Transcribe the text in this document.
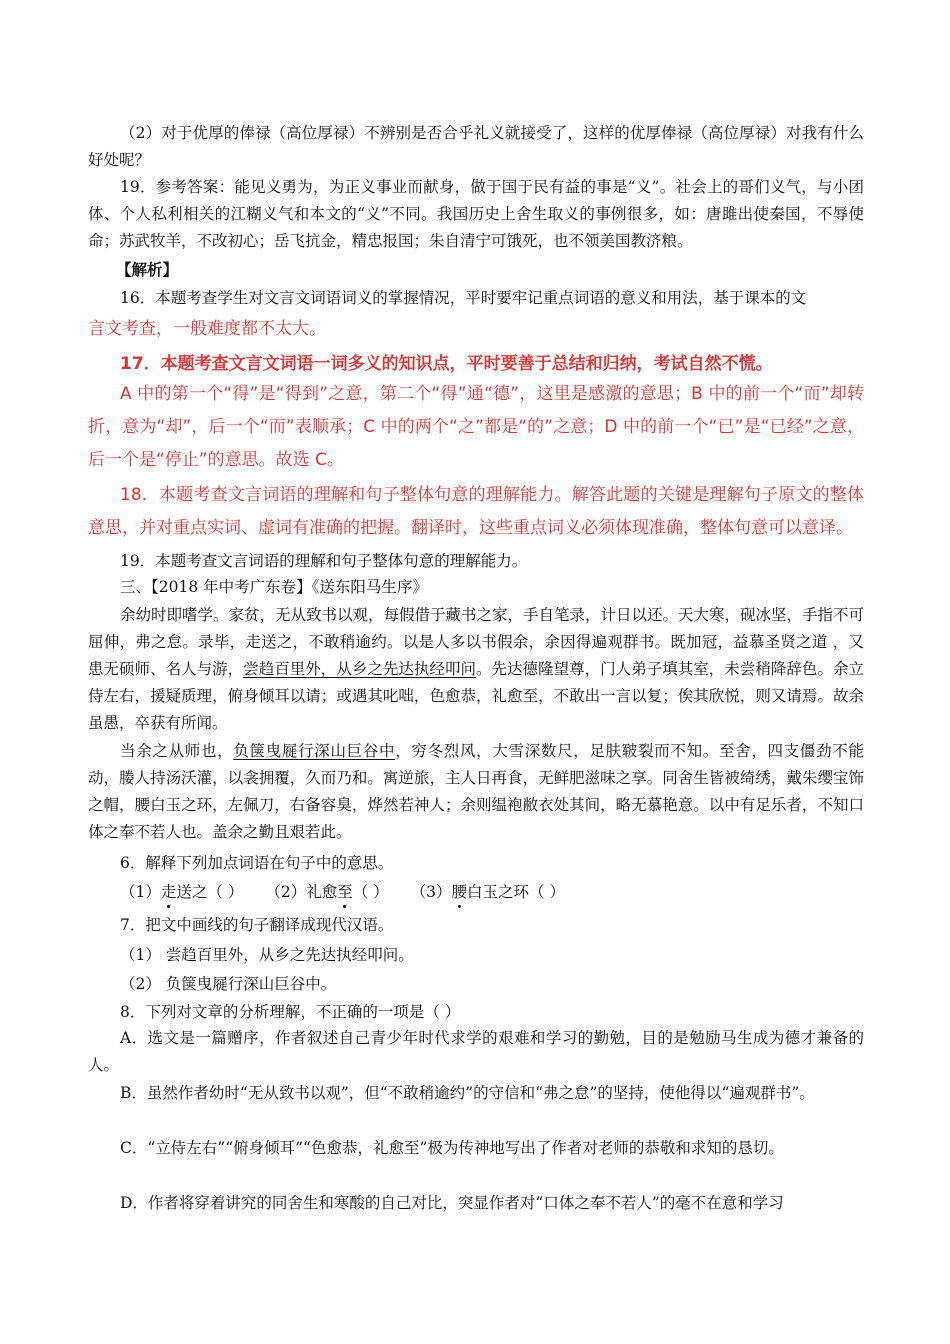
（2）对于优厚的俸禄（高位厚禄）不辨别是否合乎礼义就接受了，这样的优厚俸禄（高位厚禄）对我有什么好处呢？

19．参考答案：能见义勇为，为正义事业而献身，做于国于民有益的事是“义”。社会上的哥们义气，与小团体、个人私利相关的江糊义气和本文的“义”不同。我国历史上舍生取义的事例很多，如：唐雎出使秦国，不辱使命；苏武牧羊，不改初心；岳飞抗金，精忠报国；朱自清宁可饿死，也不领美国教济粮。

【解析】

16．本题考查学生对文言文词语词义的掌握情况，平时要牢记重点词语的意义和用法，基于课本的文

言文考查，一般难度都不太大。

17．本题考查文言文词语一词多义的知识点，平时要善于总结和归纳，考试自然不慌。

A 中的第一个“得”是“得到”之意，第二个“得”通“德”，这里是感激的意思；B 中的前一个“而”却转折，意为“却”，后一个“而”表顺承；C 中的两个“之”都是“的”之意；D 中的前一个“已”是“已经”之意，后一个是“停止”的意思。故选 C。

18．本题考查文言词语的理解和句子整体句意的理解能力。解答此题的关键是理解句子原文的整体意思，并对重点实词、虚词有准确的把握。翻译时，这些重点词义必须体现准确，整体句意可以意译。

19．本题考查文言词语的理解和句子整体句意的理解能力。

三、【2018 年中考广东卷】《送东阳马生序》

余幼时即嗜学。家贫，无从致书以观，每假借于藏书之家，手自笔录，计日以还。天大寒，砚冰坚，手指不可屈伸，弗之怠。录毕，走送之，不敢稍逾约。以是人多以书假余，余因得遍观群书。既加冠，益慕圣贤之道 ，又患无硕师、名人与游，尝趋百里外，从乡之先达执经叩问。先达德隆望尊，门人弟子填其室，未尝稍降辞色。余立侍左右，援疑质理，俯身倾耳以请；或遇其叱咄，色愈恭，礼愈至，不敢出一言以复；俟其欣悦，则又请焉。故余虽愚，卒获有所闻。

当余之从师也，负箧曳屣行深山巨谷中，穷冬烈风，大雪深数尺，足肤皲裂而不知。至舍，四支僵劲不能动，媵人持汤沃灌，以衾拥覆，久而乃和。寓逆旅，主人日再食，无鲜肥滋味之享。同舍生皆被绮绣，戴朱缨宝饰之帽，腰白玉之环，左佩刀，右备容臭，烨然若神人；余则缊袍敝衣处其间，略无慕艳意。以中有足乐者，不知口体之奉不若人也。盖余之勤且艰若此。

6．解释下列加点词语在句子中的意思。

（1）走送之（ ） （2）礼愈至（ ） （3）腰白玉之环（ ）

7．把文中画线的句子翻译成现代汉语。

（1） 尝趋百里外，从乡之先达执经叩问。

（2） 负箧曳屣行深山巨谷中。

8．下列对文章的分析理解，不正确的一项是（ ）

A．选文是一篇赠序，作者叙述自己青少年时代求学的艰难和学习的勤勉，目的是勉励马生成为德才兼备的人。

B．虽然作者幼时“无从致书以观”，但“不敢稍逾约”的守信和“弗之怠”的坚持，使他得以“遍观群书”。

C．“立侍左右”“俯身倾耳”“色愈恭，礼愈至”极为传神地写出了作者对老师的恭敬和求知的恳切。

D．作者将穿着讲究的同舍生和寒酸的自己对比，突显作者对“口体之奉不若人”的毫不在意和学习
